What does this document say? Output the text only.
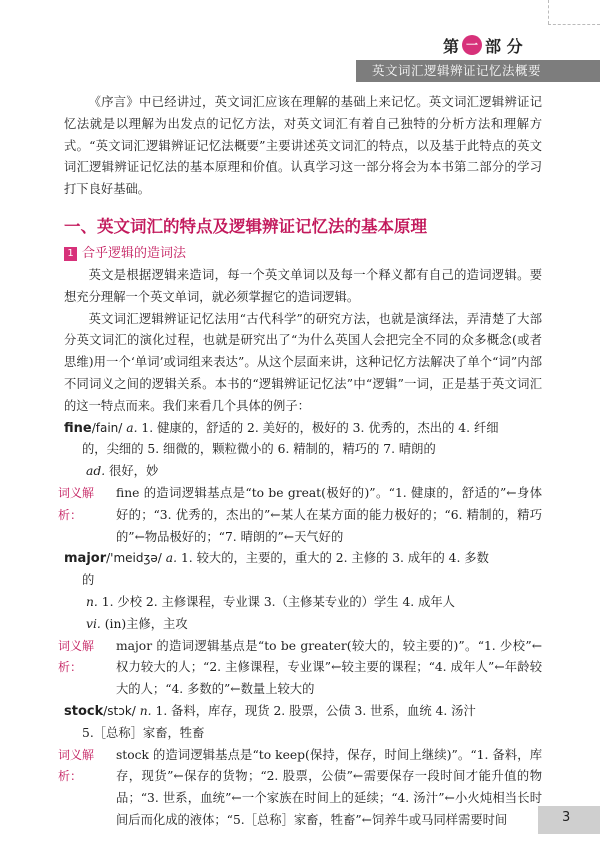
第 一 部 分
英文词汇逻辑辨证记忆法概要

《序言》中已经讲过，英文词汇应该在理解的基础上来记忆。英文词汇逻辑辨证记忆法就是以理解为出发点的记忆方法，对英文词汇有着自己独特的分析方法和理解方式。“英文词汇逻辑辨证记忆法概要”主要讲述英文词汇的特点，以及基于此特点的英文词汇逻辑辨证记忆法的基本原理和价值。认真学习这一部分将会为本书第二部分的学习打下良好基础。

一、英文词汇的特点及逻辑辨证记忆法的基本原理
1 合乎逻辑的造词法

英文是根据逻辑来造词，每一个英文单词以及每一个释义都有自己的造词逻辑。要想充分理解一个英文单词，就必须掌握它的造词逻辑。

英文词汇逻辑辨证记忆法用“古代科学”的研究方法，也就是演绎法，弄清楚了大部分英文词汇的演化过程，也就是研究出了“为什么英国人会把完全不同的众多概念(或者思维)用一个‘单词’或词组来表达”。从这个层面来讲，这种记忆方法解决了单个“词”内部不同词义之间的逻辑关系。本书的“逻辑辨证记忆法”中“逻辑”一词，正是基于英文词汇的这一特点而来。我们来看几个具体的例子：

fine/fain/ a. 1. 健康的，舒适的 2. 美好的，极好的 3. 优秀的，杰出的 4. 纤细
的，尖细的 5. 细微的，颗粒微小的 6. 精制的，精巧的 7. 晴朗的
ad. 很好，妙
词义解析：
fine 的造词逻辑基点是“to be great(极好的)”。“1. 健康的，舒适的”←身体好的；“3. 优秀的，杰出的”←某人在某方面的能力极好的；“6. 精制的，精巧的”←物品极好的；“7. 晴朗的”←天气好的
major/'meidʒə/ a. 1. 较大的，主要的，重大的 2. 主修的 3. 成年的 4. 多数
的
n. 1. 少校 2. 主修课程，专业课 3.（主修某专业的）学生 4. 成年人
vi. (in)主修，主攻
词义解析：
major 的造词逻辑基点是“to be greater(较大的，较主要的)”。“1. 少校”←权力较大的人；“2. 主修课程，专业课”←较主要的课程；“4. 成年人”←年龄较大的人；“4. 多数的”←数量上较大的
stock/stɔk/ n. 1. 备料，库存，现货 2. 股票，公债 3. 世系，血统 4. 汤汁
5.［总称］家畜，牲畜
词义解析：
stock 的造词逻辑基点是“to keep(保持，保存，时间上继续)”。“1. 备料，库存，现货”←保存的货物；“2. 股票，公债”←需要保存一段时间才能升值的物品；“3. 世系，血统”←一个家族在时间上的延续；“4. 汤汁”←小火炖相当长时间后而化成的液体；“5.［总称］家畜，牲畜”←饲养牛或马同样需要时间	3
